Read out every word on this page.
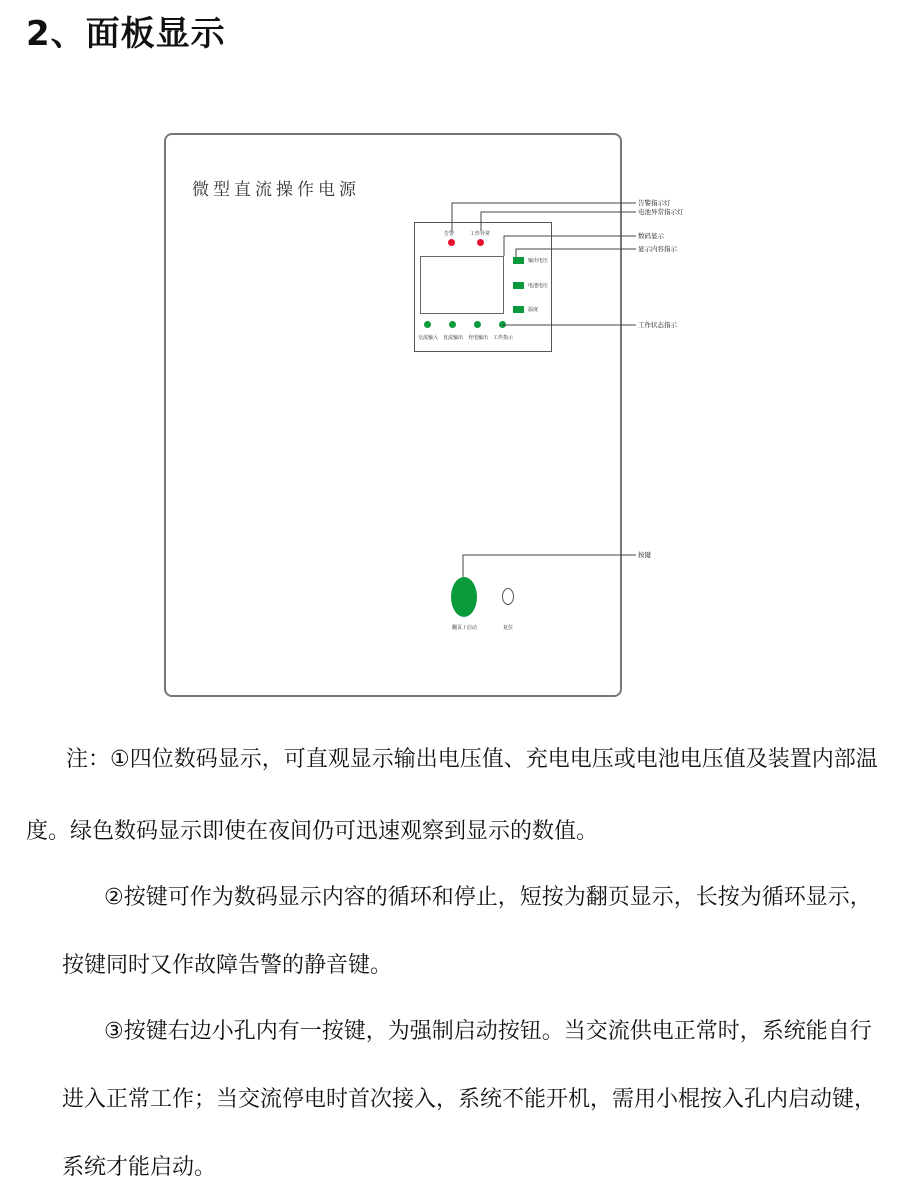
2、面板显示
微型直流操作电源
告警	工作异常
输出电压
电池电压
温度
交流输入 直流输出 充电输出 工作指示
翻页 / 启动	复位
告警指示灯
电池异常指示灯
数码显示
显示内容指示
工作状态指示
按键

注：①四位数码显示，可直观显示输出电压值、充电电压或电池电压值及装置内部温

度。绿色数码显示即使在夜间仍可迅速观察到显示的数值。

②按键可作为数码显示内容的循环和停止，短按为翻页显示，长按为循环显示，

按键同时又作故障告警的静音键。

③按键右边小孔内有一按键，为强制启动按钮。当交流供电正常时，系统能自行

进入正常工作；当交流停电时首次接入，系统不能开机，需用小棍按入孔内启动键，

系统才能启动。
